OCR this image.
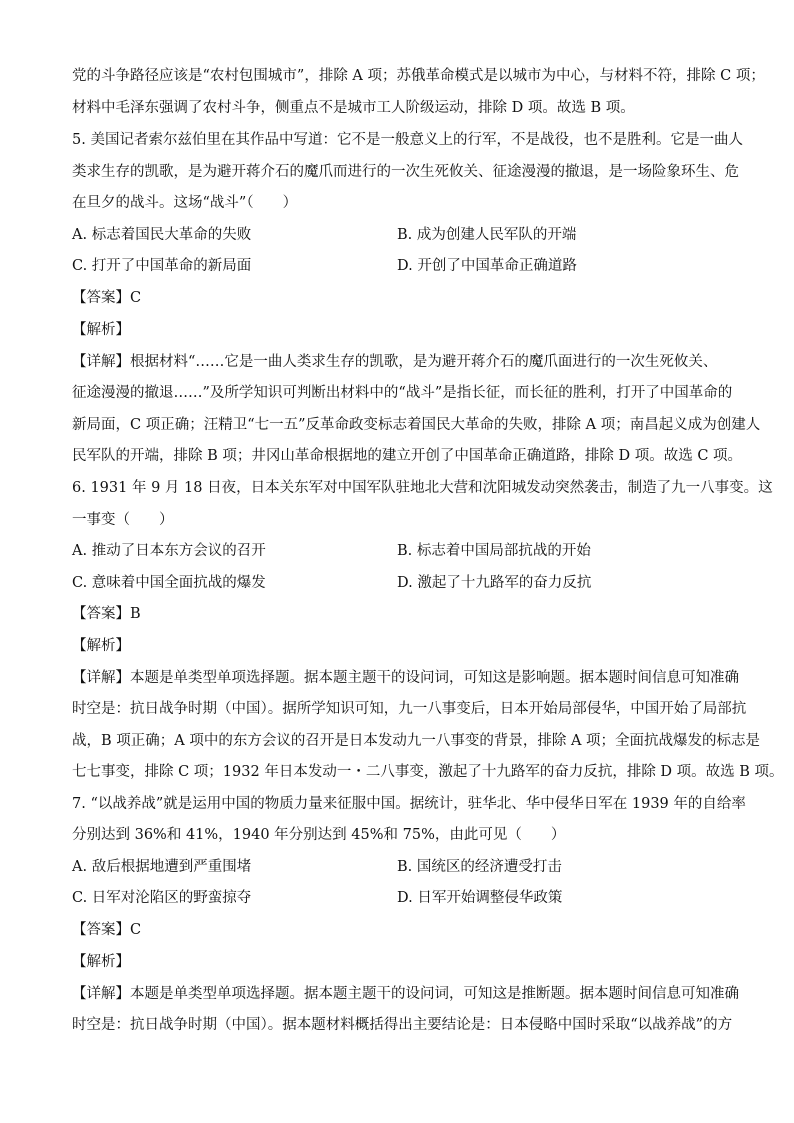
党的斗争路径应该是“农村包围城市”，排除 A 项；苏俄革命模式是以城市为中心，与材料不符，排除 C 项；
材料中毛泽东强调了农村斗争，侧重点不是城市工人阶级运动，排除 D 项。故选 B 项。
5. 美国记者索尔兹伯里在其作品中写道：它不是一般意义上的行军，不是战役，也不是胜利。它是一曲人
类求生存的凯歌，是为避开蒋介石的魔爪而进行的一次生死攸关、征途漫漫的撤退，是一场险象环生、危
在旦夕的战斗。这场“战斗”（　　）
【答案】C
【解析】
【详解】根据材料“……它是一曲人类求生存的凯歌，是为避开蒋介石的魔爪面进行的一次生死攸关、
征途漫漫的撤退……”及所学知识可判断出材料中的“战斗”是指长征，而长征的胜利，打开了中国革命的
新局面，C 项正确；汪精卫“七一五”反革命政变标志着国民大革命的失败，排除 A 项；南昌起义成为创建人
民军队的开端，排除 B 项；井冈山革命根据地的建立开创了中国革命正确道路，排除 D 项。故选 C 项。
6. 1931 年 9 月 18 日夜，日本关东军对中国军队驻地北大营和沈阳城发动突然袭击，制造了九一八事变。这
一事变（　　）
【答案】B
【解析】
【详解】本题是单类型单项选择题。据本题主题干的设问词，可知这是影响题。据本题时间信息可知准确
时空是：抗日战争时期（中国）。据所学知识可知，九一八事变后，日本开始局部侵华，中国开始了局部抗
战，B 项正确；A 项中的东方会议的召开是日本发动九一八事变的背景，排除 A 项；全面抗战爆发的标志是
七七事变，排除 C 项；1932 年日本发动一・二八事变，激起了十九路军的奋力反抗，排除 D 项。故选 B 项。
7. “以战养战”就是运用中国的物质力量来征服中国。据统计，驻华北、华中侵华日军在 1939 年的自给率
分别达到 36%和 41%，1940 年分别达到 45%和 75%，由此可见（　　）
【答案】C
【解析】
【详解】本题是单类型单项选择题。据本题主题干的设问词，可知这是推断题。据本题时间信息可知准确
时空是：抗日战争时期（中国）。据本题材料概括得出主要结论是：日本侵略中国时采取“以战养战”的方
A. 标志着国民大革命的失败	B. 成为创建人民军队的开端
C. 打开了中国革命的新局面	D. 开创了中国革命正确道路
A. 推动了日本东方会议的召开	B. 标志着中国局部抗战的开始
C. 意味着中国全面抗战的爆发	D. 激起了十九路军的奋力反抗
A. 敌后根据地遭到严重围堵	B. 国统区的经济遭受打击
C. 日军对沦陷区的野蛮掠夺	D. 日军开始调整侵华政策
